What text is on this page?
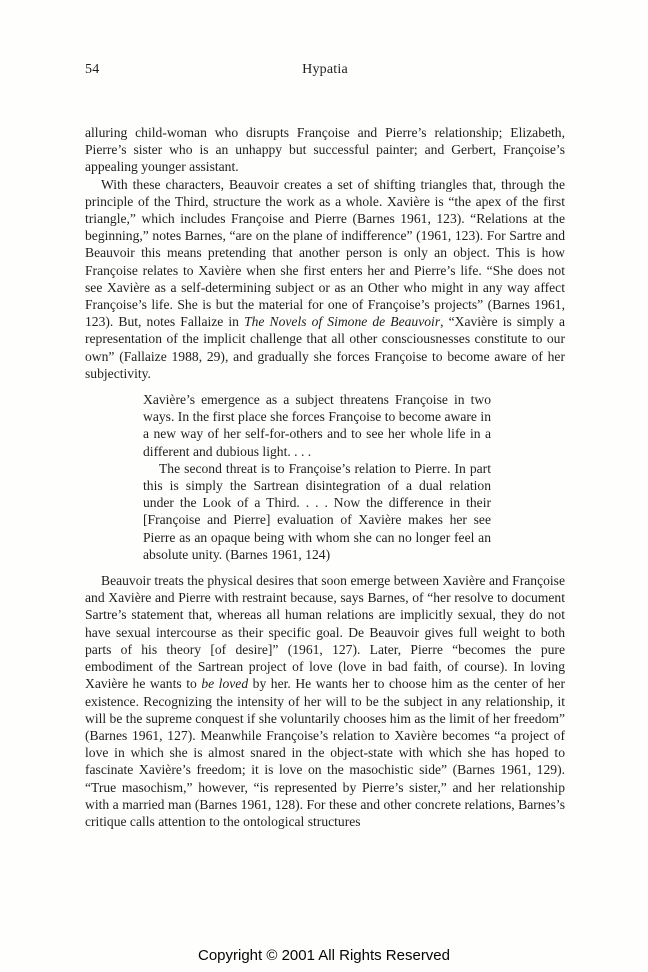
54	Hypatia

alluring child-woman who disrupts Françoise and Pierre’s relationship; Elizabeth, Pierre’s sister who is an unhappy but successful painter; and Gerbert, Françoise’s appealing younger assistant.

With these characters, Beauvoir creates a set of shifting triangles that, through the principle of the Third, structure the work as a whole. Xavière is “the apex of the first triangle,” which includes Françoise and Pierre (Barnes 1961, 123). “Relations at the beginning,” notes Barnes, “are on the plane of indifference” (1961, 123). For Sartre and Beauvoir this means pretending that another person is only an object. This is how Françoise relates to Xavière when she first enters her and Pierre’s life. “She does not see Xavière as a self-determining subject or as an Other who might in any way affect Françoise’s life. She is but the material for one of Françoise’s projects” (Barnes 1961, 123). But, notes Fallaize in The Novels of Simone de Beauvoir, “Xavière is simply a representation of the implicit challenge that all other consciousnesses constitute to our own” (Fallaize 1988, 29), and gradually she forces Françoise to become aware of her subjectivity.

Xavière’s emergence as a subject threatens Françoise in two ways. In the first place she forces Françoise to become aware in a new way of her self-for-others and to see her whole life in a different and dubious light. . . .

The second threat is to Françoise’s relation to Pierre. In part this is simply the Sartrean disintegration of a dual relation under the Look of a Third. . . . Now the difference in their [Françoise and Pierre] evaluation of Xavière makes her see Pierre as an opaque being with whom she can no longer feel an absolute unity. (Barnes 1961, 124)

Beauvoir treats the physical desires that soon emerge between Xavière and Françoise and Xavière and Pierre with restraint because, says Barnes, of “her resolve to document Sartre’s statement that, whereas all human relations are implicitly sexual, they do not have sexual intercourse as their specific goal. De Beauvoir gives full weight to both parts of his theory [of desire]” (1961, 127). Later, Pierre “becomes the pure embodiment of the Sartrean project of love (love in bad faith, of course). In loving Xavière he wants to be loved by her. He wants her to choose him as the center of her existence. Recognizing the intensity of her will to be the subject in any relationship, it will be the supreme conquest if she voluntarily chooses him as the limit of her freedom” (Barnes 1961, 127). Meanwhile Françoise’s relation to Xavière becomes “a project of love in which she is almost snared in the object-state with which she has hoped to fascinate Xavière’s freedom; it is love on the masochistic side” (Barnes 1961, 129). “True masochism,” however, “is represented by Pierre’s sister,” and her relationship with a married man (Barnes 1961, 128). For these and other concrete relations, Barnes’s critique calls attention to the ontological structures

Copyright © 2001 All Rights Reserved
